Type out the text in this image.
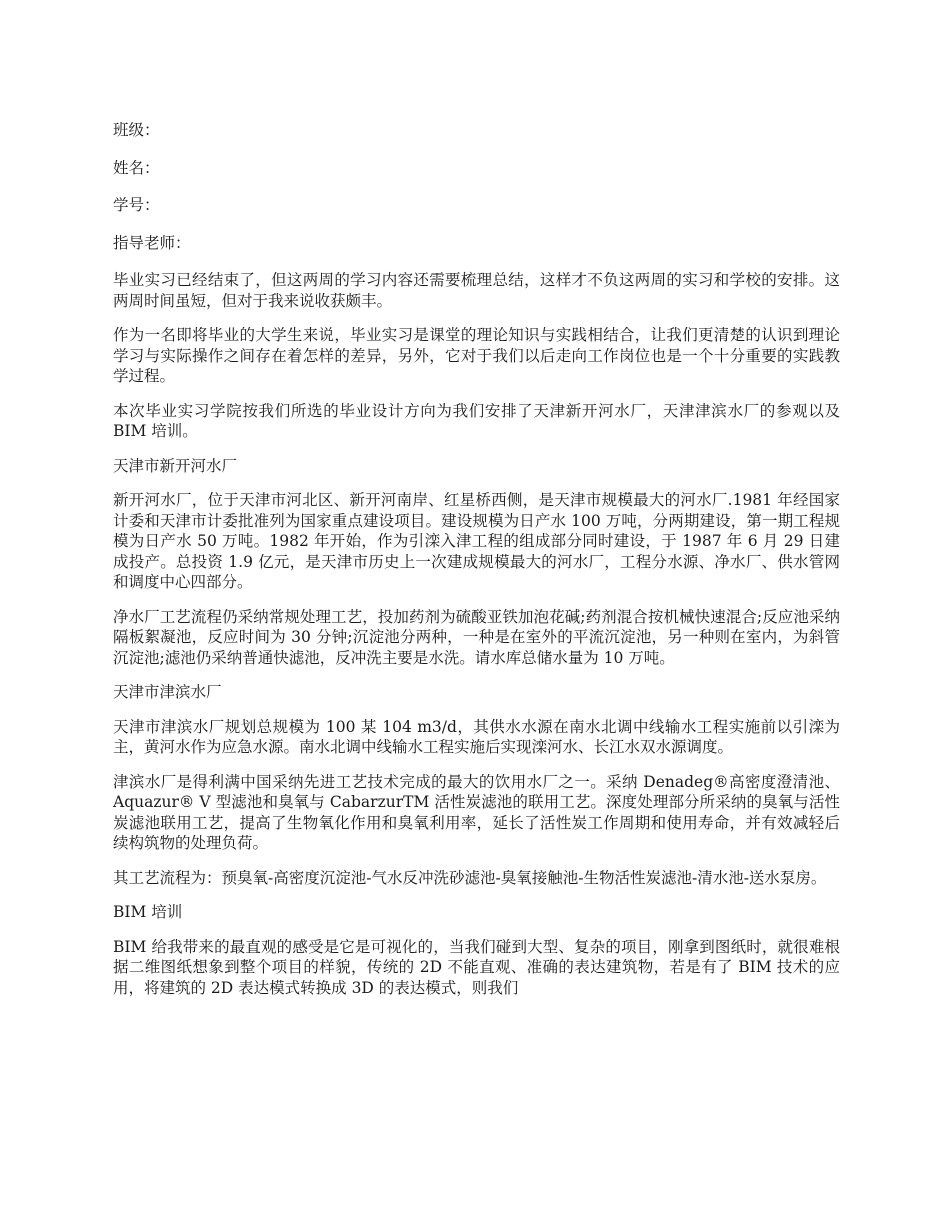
班级：

姓名：

学号：

指导老师：

毕业实习已经结束了，但这两周的学习内容还需要梳理总结，这样才不负这两周的实习和学校的安排。这两周时间虽短，但对于我来说收获颇丰。

作为一名即将毕业的大学生来说，毕业实习是课堂的理论知识与实践相结合，让我们更清楚的认识到理论学习与实际操作之间存在着怎样的差异，另外，它对于我们以后走向工作岗位也是一个十分重要的实践教学过程。

本次毕业实习学院按我们所选的毕业设计方向为我们安排了天津新开河水厂，天津津滨水厂的参观以及 BIM 培训。

天津市新开河水厂

新开河水厂，位于天津市河北区、新开河南岸、红星桥西侧，是天津市规模最大的河水厂.1981 年经国家计委和天津市计委批准列为国家重点建设项目。建设规模为日产水 100 万吨，分两期建设，第一期工程规模为日产水 50 万吨。1982 年开始，作为引滦入津工程的组成部分同时建设，于 1987 年 6 月 29 日建成投产。总投资 1.9 亿元，是天津市历史上一次建成规模最大的河水厂，工程分水源、净水厂、供水管网和调度中心四部分。

净水厂工艺流程仍采纳常规处理工艺，投加药剂为硫酸亚铁加泡花碱;药剂混合按机械快速混合;反应池采纳隔板絮凝池，反应时间为 30 分钟;沉淀池分两种，一种是在室外的平流沉淀池，另一种则在室内，为斜管沉淀池;滤池仍采纳普通快滤池，反冲洗主要是水洗。请水库总储水量为 10 万吨。

天津市津滨水厂

天津市津滨水厂规划总规模为 100 某 104 m3/d，其供水水源在南水北调中线输水工程实施前以引滦为主，黄河水作为应急水源。南水北调中线输水工程实施后实现滦河水、长江水双水源调度。

津滨水厂是得利满中国采纳先进工艺技术完成的最大的饮用水厂之一。采纳 Denadeg®高密度澄清池、Aquazur® V 型滤池和臭氧与 CabarzurTM 活性炭滤池的联用工艺。深度处理部分所采纳的臭氧与活性炭滤池联用工艺，提高了生物氧化作用和臭氧利用率，延长了活性炭工作周期和使用寿命，并有效减轻后续构筑物的处理负荷。

其工艺流程为：预臭氧-高密度沉淀池-气水反冲洗砂滤池-臭氧接触池-生物活性炭滤池-清水池-送水泵房。

BIM 培训

BIM 给我带来的最直观的感受是它是可视化的，当我们碰到大型、复杂的项目，刚拿到图纸时，就很难根据二维图纸想象到整个项目的样貌，传统的 2D 不能直观、准确的表达建筑物，若是有了 BIM 技术的应用，将建筑的 2D 表达模式转换成 3D 的表达模式，则我们
